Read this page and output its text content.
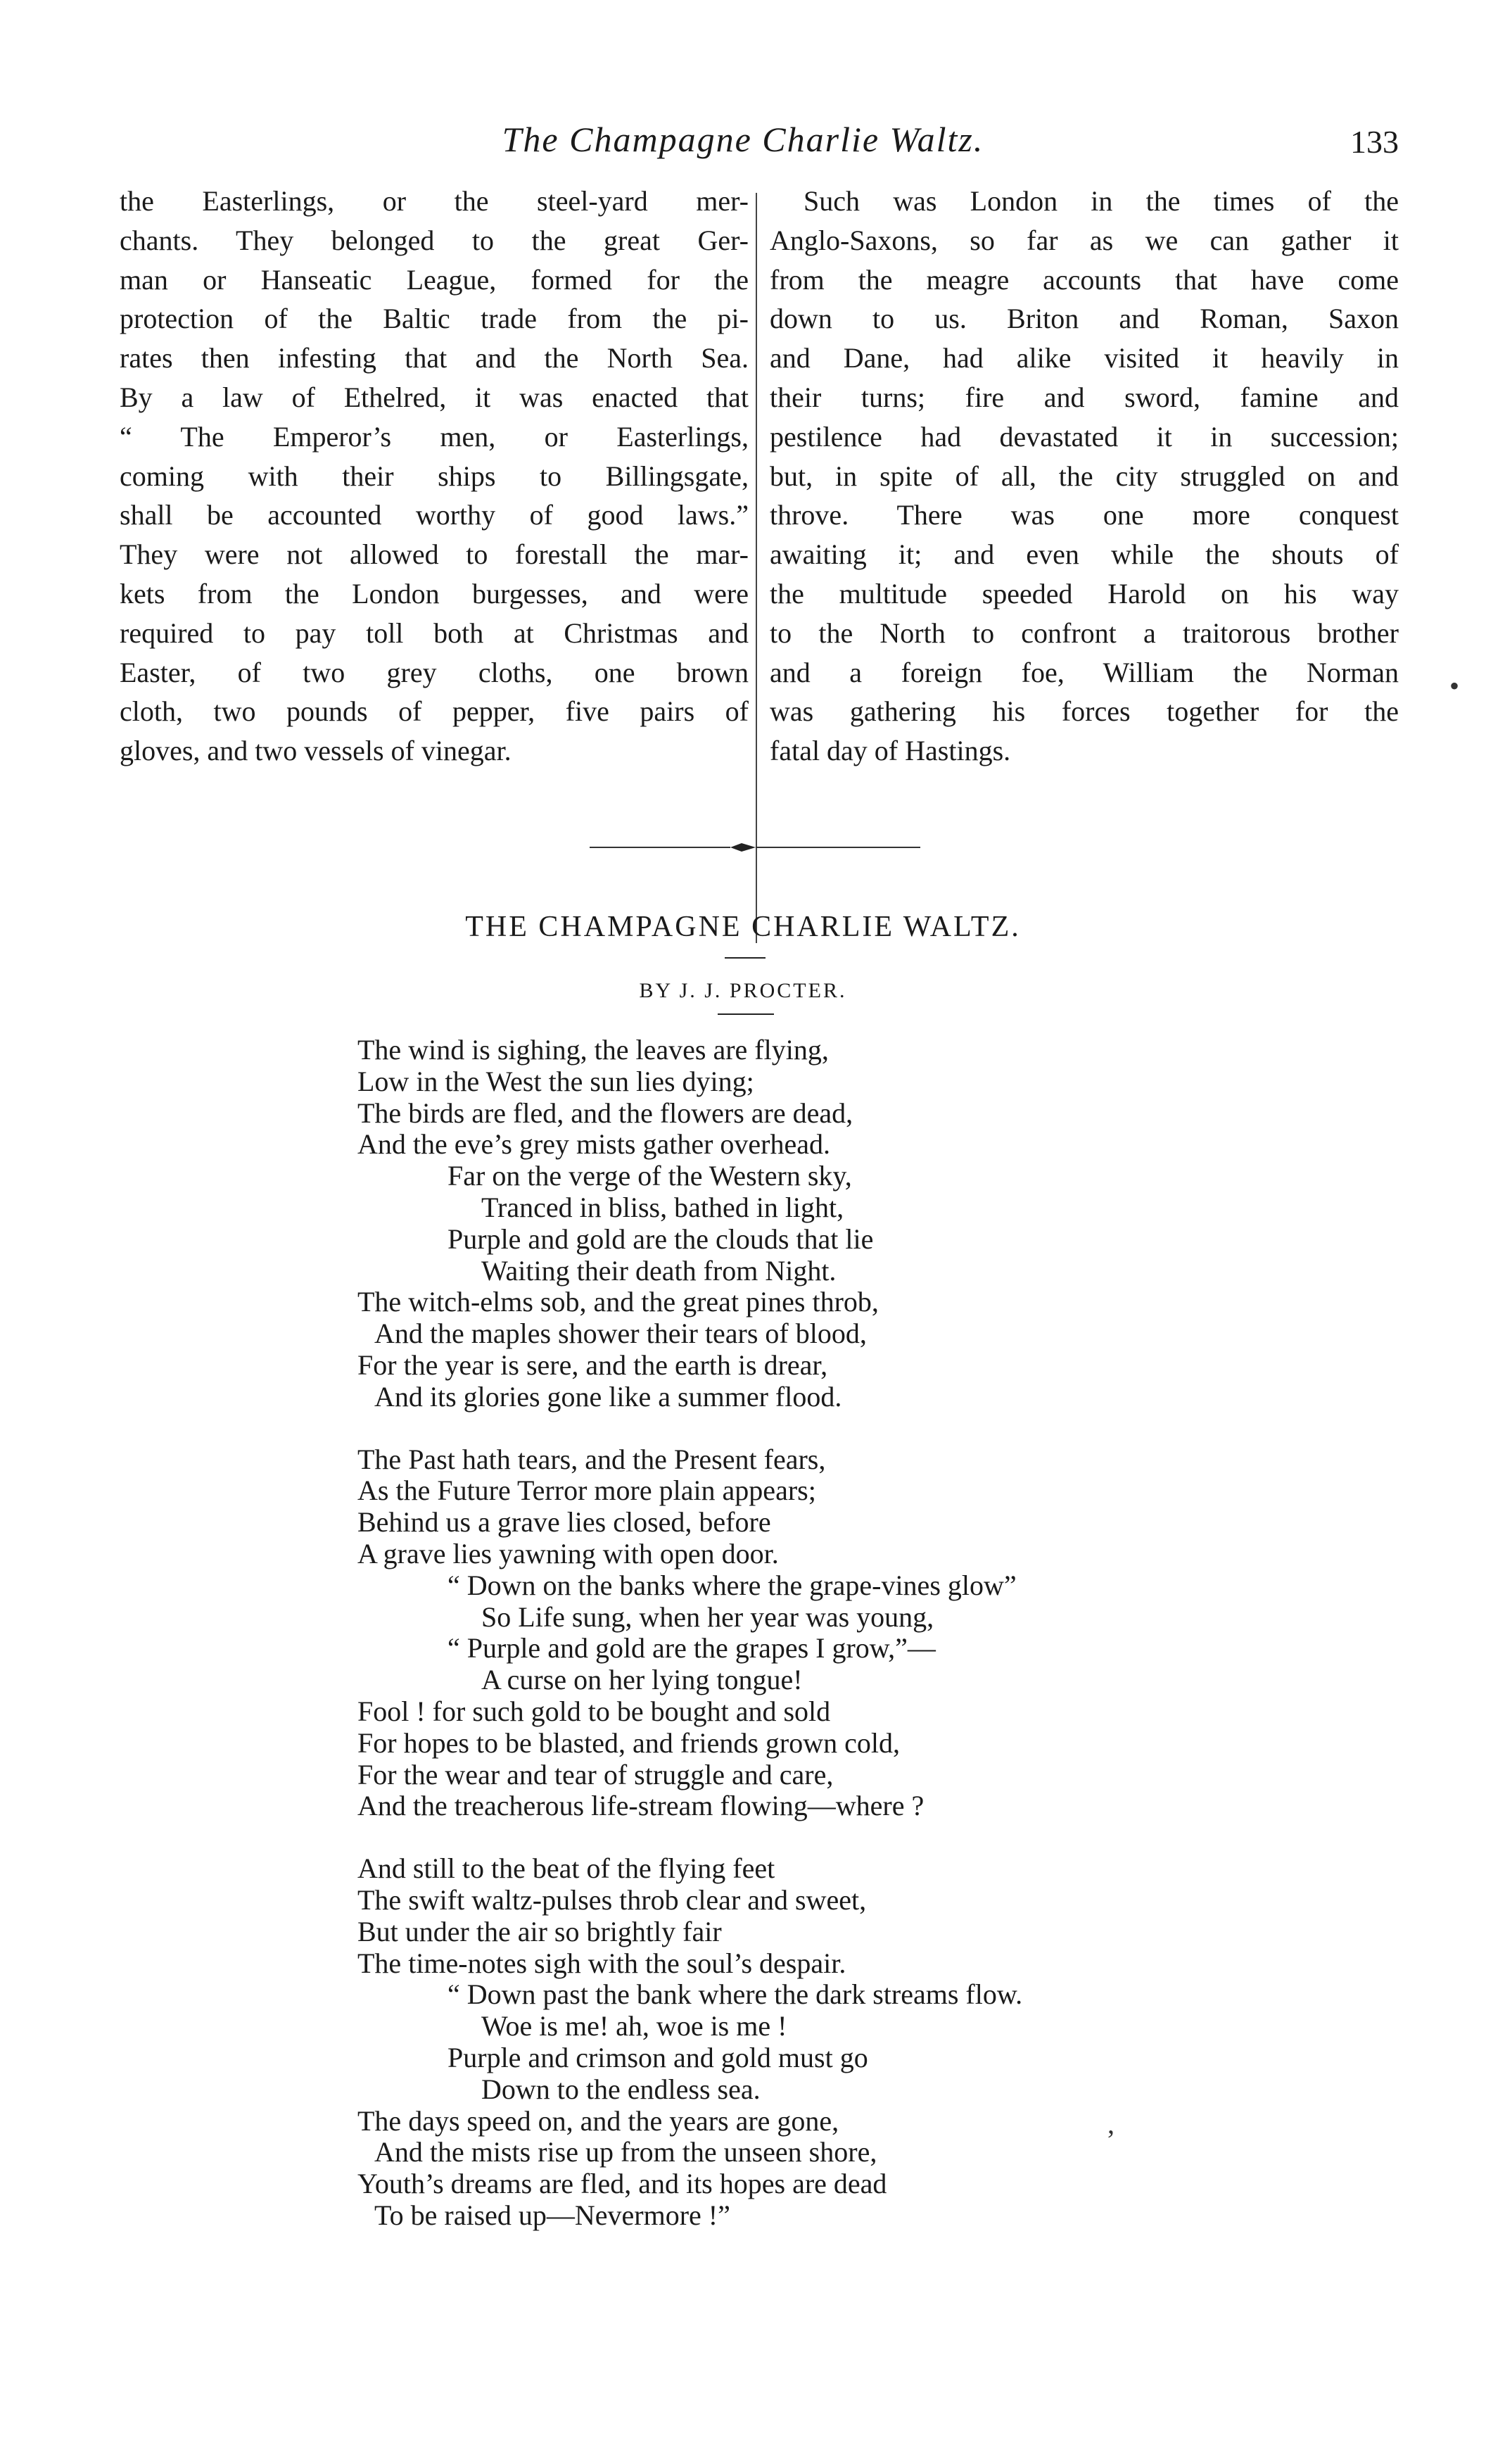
The Champagne Charlie Waltz.	133
the Easterlings, or the steel-yard mer-
chants. They belonged to the great Ger-
man or Hanseatic League, formed for the
protection of the Baltic trade from the pi-
rates then infesting that and the North Sea.
By a law of Ethelred, it was enacted that
“ The Emperor’s men, or Easterlings,
coming with their ships to Billingsgate,
shall be accounted worthy of good laws.”
They were not allowed to forestall the mar-
kets from the London burgesses, and were
required to pay toll both at Christmas and
Easter, of two grey cloths, one brown
cloth, two pounds of pepper, five pairs of
gloves, and two vessels of vinegar.
Such was London in the times of the
Anglo-Saxons, so far as we can gather it
from the meagre accounts that have come
down to us. Briton and Roman, Saxon
and Dane, had alike visited it heavily in
their turns; fire and sword, famine and
pestilence had devastated it in succession;
but, in spite of all, the city struggled on and
throve. There was one more conquest
awaiting it; and even while the shouts of
the multitude speeded Harold on his way
to the North to confront a traitorous brother
and a foreign foe, William the Norman
was gathering his forces together for the
fatal day of Hastings.
THE CHAMPAGNE CHARLIE WALTZ.
BY J. J. PROCTER.
The wind is sighing, the leaves are flying,
Low in the West the sun lies dying;
The birds are fled, and the flowers are dead,
And the eve’s grey mists gather overhead.
Far on the verge of the Western sky,
Tranced in bliss, bathed in light,
Purple and gold are the clouds that lie
Waiting their death from Night.
The witch-elms sob, and the great pines throb,
And the maples shower their tears of blood,
For the year is sere, and the earth is drear,
And its glories gone like a summer flood.
The Past hath tears, and the Present fears,
As the Future Terror more plain appears;
Behind us a grave lies closed, before
A grave lies yawning with open door.
“ Down on the banks where the grape-vines glow”
So Life sung, when her year was young,
“ Purple and gold are the grapes I grow,”—
A curse on her lying tongue!
Fool ! for such gold to be bought and sold
For hopes to be blasted, and friends grown cold,
For the wear and tear of struggle and care,
And the treacherous life-stream flowing—where ?
And still to the beat of the flying feet
The swift waltz-pulses throb clear and sweet,
But under the air so brightly fair
The time-notes sigh with the soul’s despair.
“ Down past the bank where the dark streams flow.
Woe is me! ah, woe is me !
Purple and crimson and gold must go
Down to the endless sea.
The days speed on, and the years are gone,
And the mists rise up from the unseen shore,
Youth’s dreams are fled, and its hopes are dead
To be raised up—Nevermore !”
•
,
